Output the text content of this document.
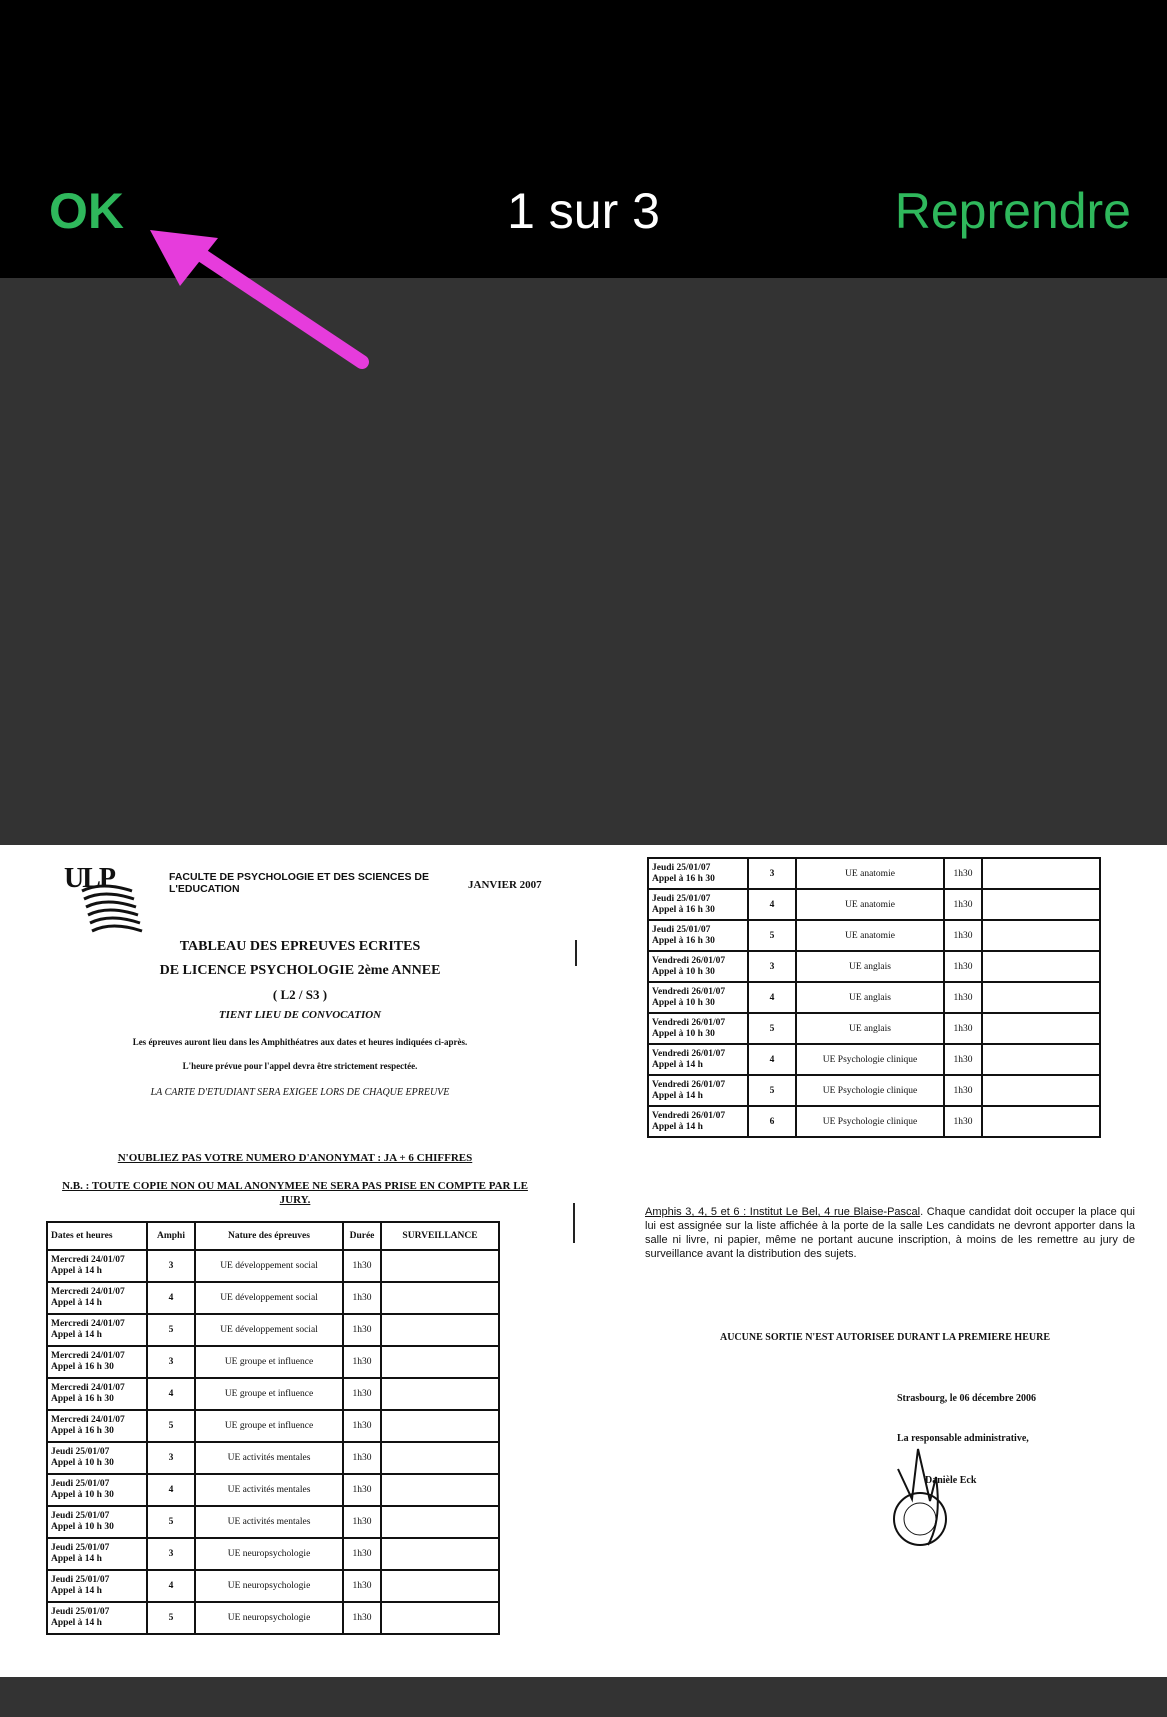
OK	1 sur 3	Reprendre
ULP	FACULTE DE PSYCHOLOGIE ET DES SCIENCES DE L'EDUCATION	JANVIER 2007
TABLEAU DES EPREUVES ECRITES
DE LICENCE PSYCHOLOGIE 2ème ANNEE
( L2 / S3 )
TIENT LIEU DE CONVOCATION
Les épreuves auront lieu dans les Amphithéatres aux dates et heures indiquées ci-après.
L'heure prévue pour l'appel devra être strictement respectée.
LA CARTE D'ETUDIANT SERA EXIGEE LORS DE CHAQUE EPREUVE
N'OUBLIEZ PAS VOTRE NUMERO D'ANONYMAT : JA + 6 CHIFFRES
N.B. : TOUTE COPIE NON OU MAL ANONYMEE NE SERA PAS PRISE EN COMPTE PAR LE JURY.
Dates et heures	Amphi	Nature des épreuves	Durée	SURVEILLANCE

Mercredi 24/01/07
Appel à 14 h	3	UE développement social	1h30	

Mercredi 24/01/07
Appel à 14 h	4	UE développement social	1h30	

Mercredi 24/01/07
Appel à 14 h	5	UE développement social	1h30	

Mercredi 24/01/07
Appel à 16 h 30	3	UE groupe et influence	1h30	

Mercredi 24/01/07
Appel à 16 h 30	4	UE groupe et influence	1h30	

Mercredi 24/01/07
Appel à 16 h 30	5	UE groupe et influence	1h30	

Jeudi 25/01/07
Appel à 10 h 30	3	UE activités mentales	1h30	

Jeudi 25/01/07
Appel à 10 h 30	4	UE activités mentales	1h30	

Jeudi 25/01/07
Appel à 10 h 30	5	UE activités mentales	1h30	

Jeudi 25/01/07
Appel à 14 h	3	UE neuropsychologie	1h30	

Jeudi 25/01/07
Appel à 14 h	4	UE neuropsychologie	1h30	

Jeudi 25/01/07
Appel à 14 h	5	UE neuropsychologie	1h30	
Jeudi 25/01/07
Appel à 16 h 30	3	UE anatomie	1h30	

Jeudi 25/01/07
Appel à 16 h 30	4	UE anatomie	1h30	

Jeudi 25/01/07
Appel à 16 h 30	5	UE anatomie	1h30	

Vendredi 26/01/07
Appel à 10 h 30	3	UE anglais	1h30	

Vendredi 26/01/07
Appel à 10 h 30	4	UE anglais	1h30	

Vendredi 26/01/07
Appel à 10 h 30	5	UE anglais	1h30	

Vendredi 26/01/07
Appel à 14 h	4	UE Psychologie clinique	1h30	

Vendredi 26/01/07
Appel à 14 h	5	UE Psychologie clinique	1h30	

Vendredi 26/01/07
Appel à 14 h	6	UE Psychologie clinique	1h30	
Amphis 3, 4, 5 et 6 : Institut Le Bel, 4 rue Blaise-Pascal. Chaque candidat doit occuper la place qui lui est assignée sur la liste affichée à la porte de la salle Les candidats ne devront apporter dans la salle ni livre, ni papier, même ne portant aucune inscription, à moins de les remettre au jury de surveillance avant la distribution des sujets.
AUCUNE SORTIE N'EST AUTORISEE DURANT LA PREMIERE HEURE
Strasbourg, le 06 décembre 2006
La responsable administrative,
Danièle Eck
